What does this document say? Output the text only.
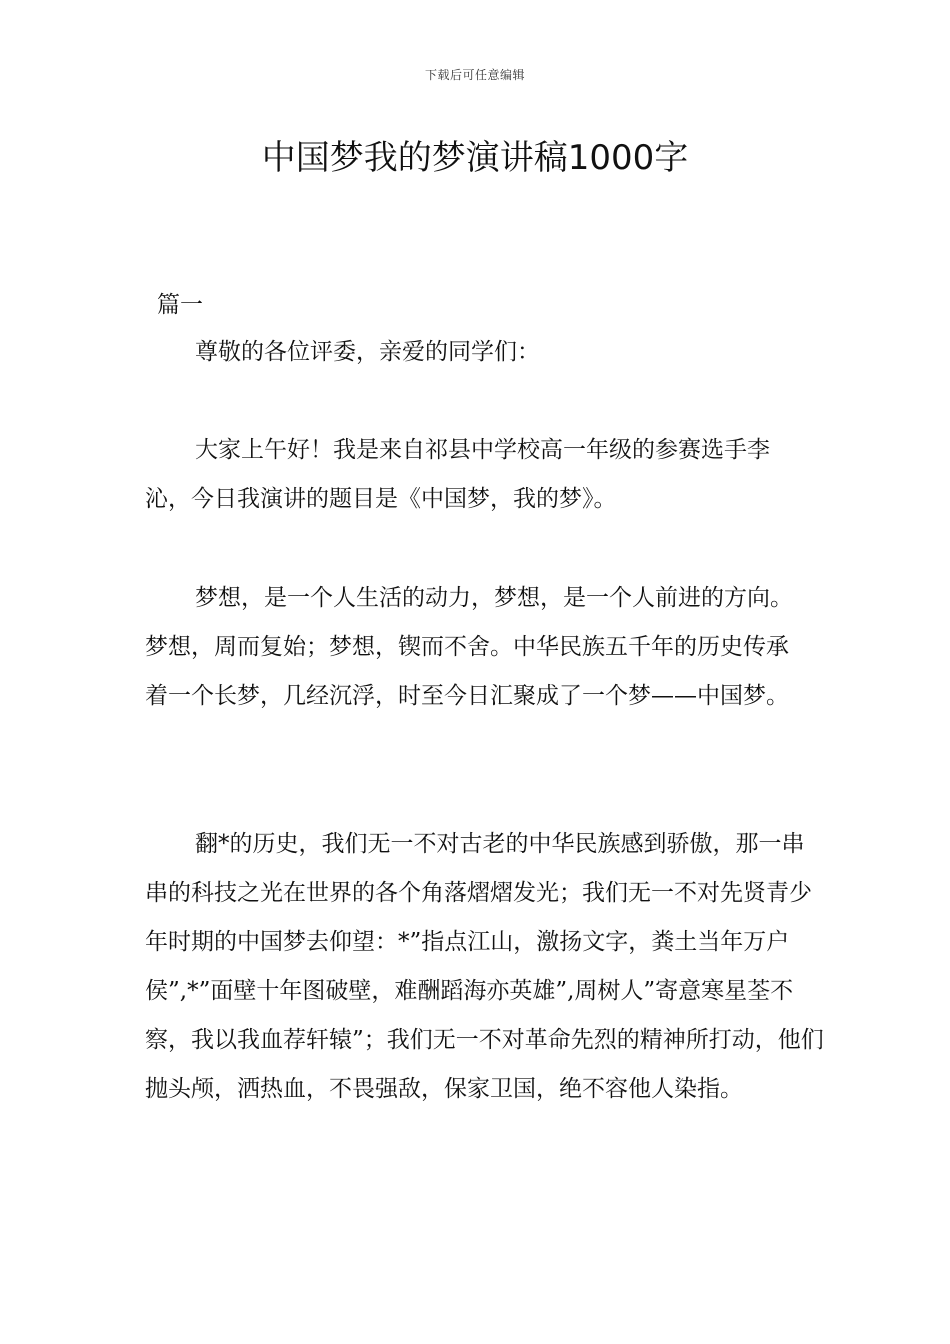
下载后可任意编辑
中国梦我的梦演讲稿1000字
篇一

尊敬的各位评委，亲爱的同学们：

大家上午好！我是来自祁县中学校高一年级的参赛选手李沁，今日我演讲的题目是《中国梦，我的梦》。

梦想，是一个人生活的动力，梦想，是一个人前进的方向。梦想，周而复始；梦想，锲而不舍。中华民族五千年的历史传承着一个长梦，几经沉浮，时至今日汇聚成了一个梦——中国梦。

翻*的历史，我们无一不对古老的中华民族感到骄傲，那一串串的科技之光在世界的各个角落熠熠发光；我们无一不对先贤青少年时期的中国梦去仰望：*”指点江山，激扬文字，粪土当年万户侯”,*”面壁十年图破壁，难酬蹈海亦英雄”,周树人”寄意寒星荃不察，我以我血荐轩辕”；我们无一不对革命先烈的精神所打动，他们抛头颅，洒热血，不畏强敌，保家卫国，绝不容他人染指。
